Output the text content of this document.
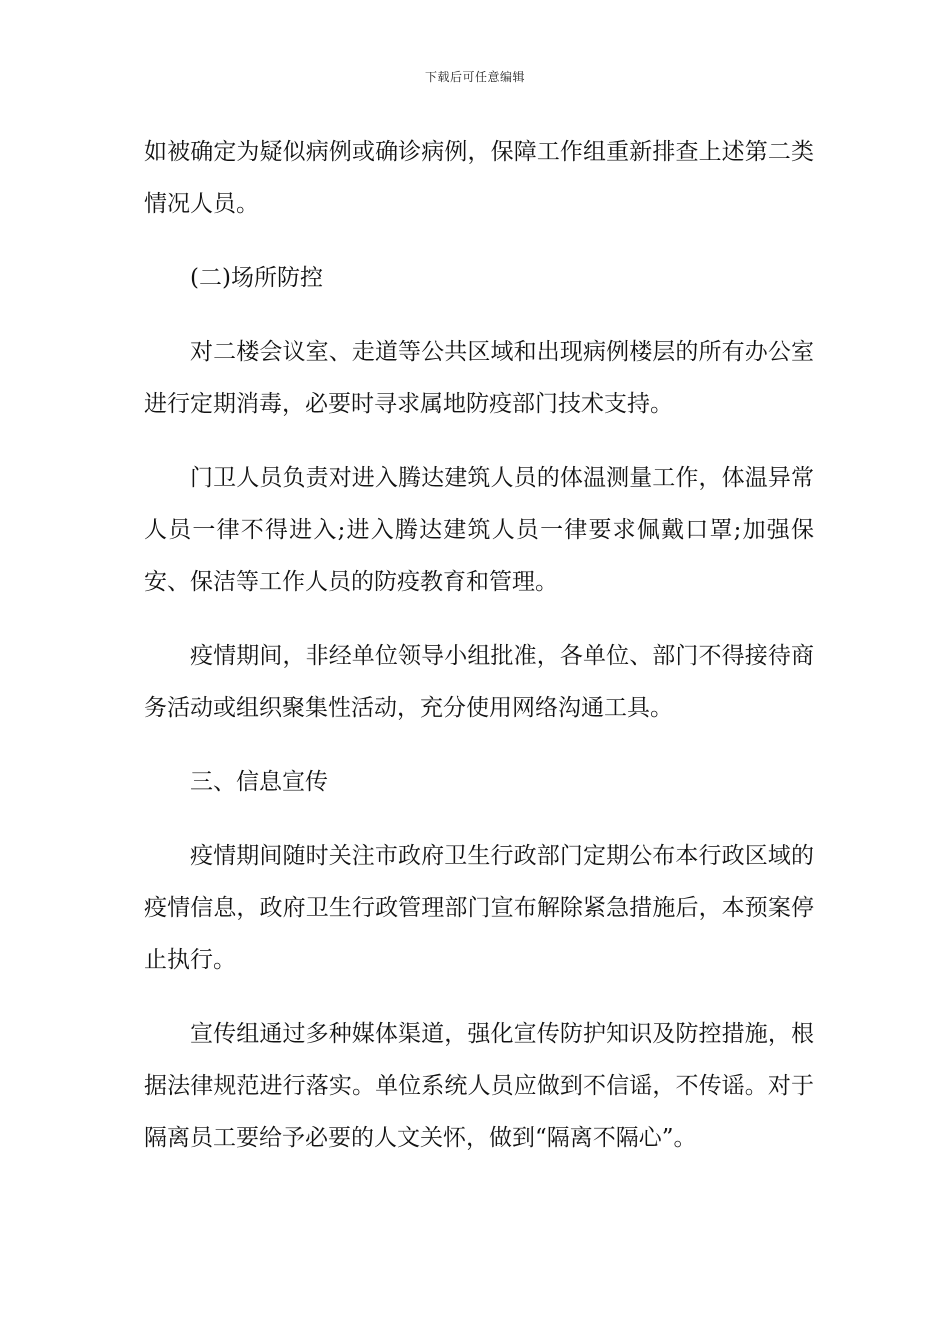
下载后可任意编辑

如被确定为疑似病例或确诊病例，保障工作组重新排查上述第二类情况人员。

(二)场所防控

对二楼会议室、走道等公共区域和出现病例楼层的所有办公室进行定期消毒，必要时寻求属地防疫部门技术支持。

门卫人员负责对进入腾达建筑人员的体温测量工作，体温异常人员一律不得进入;进入腾达建筑人员一律要求佩戴口罩;加强保安、保洁等工作人员的防疫教育和管理。

疫情期间，非经单位领导小组批准，各单位、部门不得接待商务活动或组织聚集性活动，充分使用网络沟通工具。

三、信息宣传

疫情期间随时关注市政府卫生行政部门定期公布本行政区域的疫情信息，政府卫生行政管理部门宣布解除紧急措施后，本预案停止执行。

宣传组通过多种媒体渠道，强化宣传防护知识及防控措施，根据法律规范进行落实。单位系统人员应做到不信谣，不传谣。对于隔离员工要给予必要的人文关怀，做到“隔离不隔心”。
